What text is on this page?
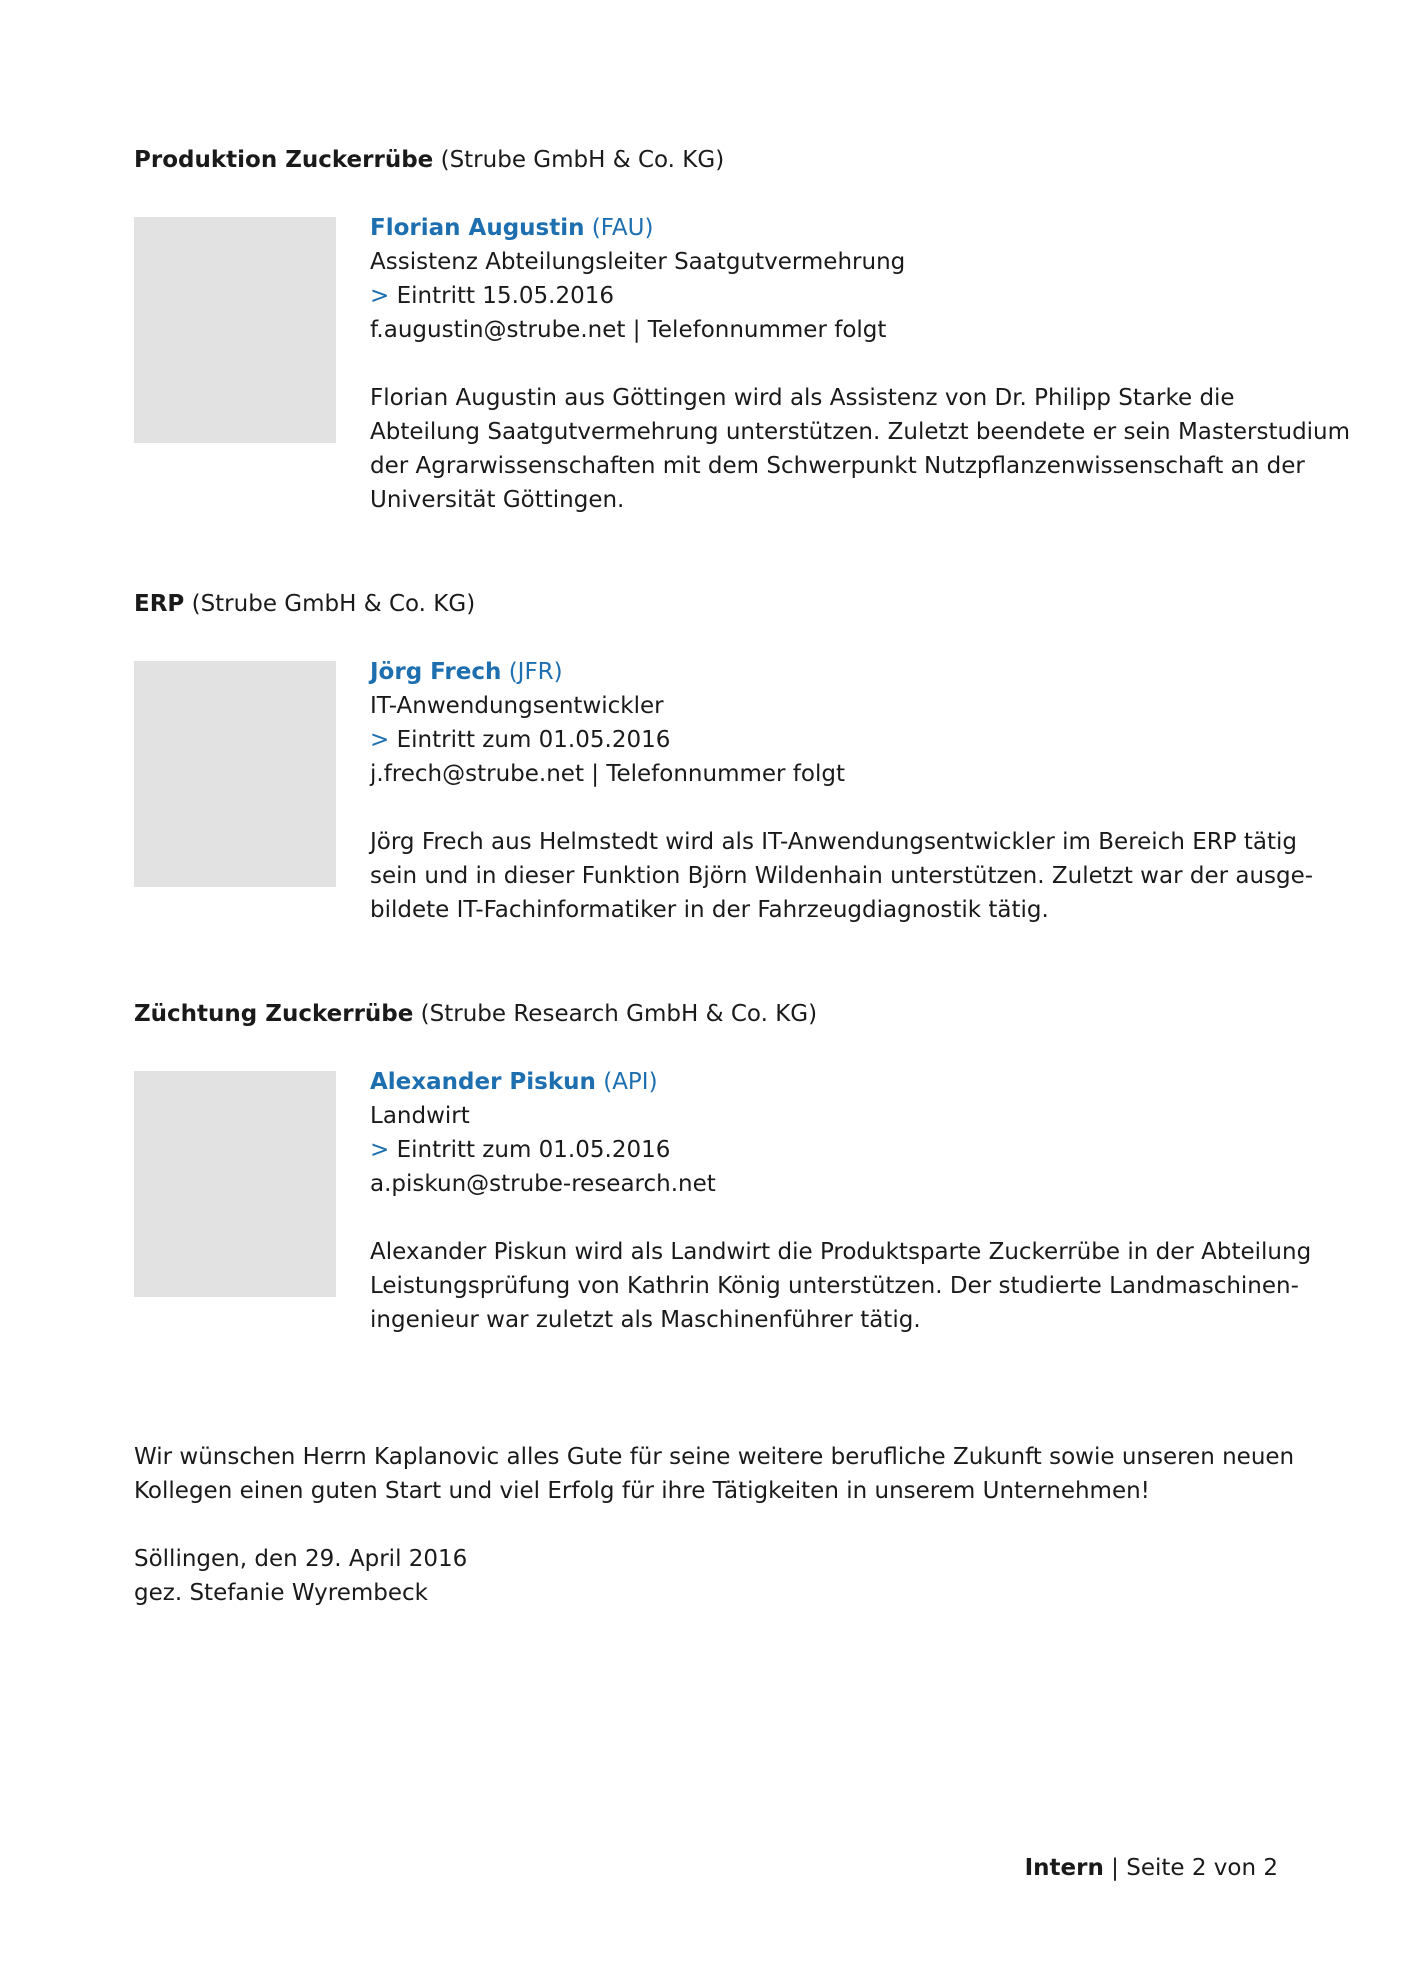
Produktion Zuckerrübe (Strube GmbH & Co. KG)
Florian Augustin (FAU)
Assistenz Abteilungsleiter Saatgutvermehrung
> Eintritt 15.05.2016
f.augustin@strube.net | Telefonnummer folgt
Florian Augustin aus Göttingen wird als Assistenz von Dr. Philipp Starke die
Abteilung Saatgutvermehrung unterstützen. Zuletzt beendete er sein Masterstudium
der Agrarwissenschaften mit dem Schwerpunkt Nutzpflanzenwissenschaft an der
Universität Göttingen.
ERP (Strube GmbH & Co. KG)
Jörg Frech (JFR)
IT-Anwendungsentwickler
> Eintritt zum 01.05.2016
j.frech@strube.net | Telefonnummer folgt
Jörg Frech aus Helmstedt wird als IT-Anwendungsentwickler im Bereich ERP tätig
sein und in dieser Funktion Björn Wildenhain unterstützen. Zuletzt war der ausge-
bildete IT-Fachinformatiker in der Fahrzeugdiagnostik tätig.
Züchtung Zuckerrübe (Strube Research GmbH & Co. KG)
Alexander Piskun (API)
Landwirt
> Eintritt zum 01.05.2016
a.piskun@strube-research.net
Alexander Piskun wird als Landwirt die Produktsparte Zuckerrübe in der Abteilung
Leistungsprüfung von Kathrin König unterstützen. Der studierte Landmaschinen-
ingenieur war zuletzt als Maschinenführer tätig.
Wir wünschen Herrn Kaplanovic alles Gute für seine weitere berufliche Zukunft sowie unseren neuen
Kollegen einen guten Start und viel Erfolg für ihre Tätigkeiten in unserem Unternehmen!
Söllingen, den 29. April 2016
gez. Stefanie Wyrembeck
Intern | Seite 2 von 2
